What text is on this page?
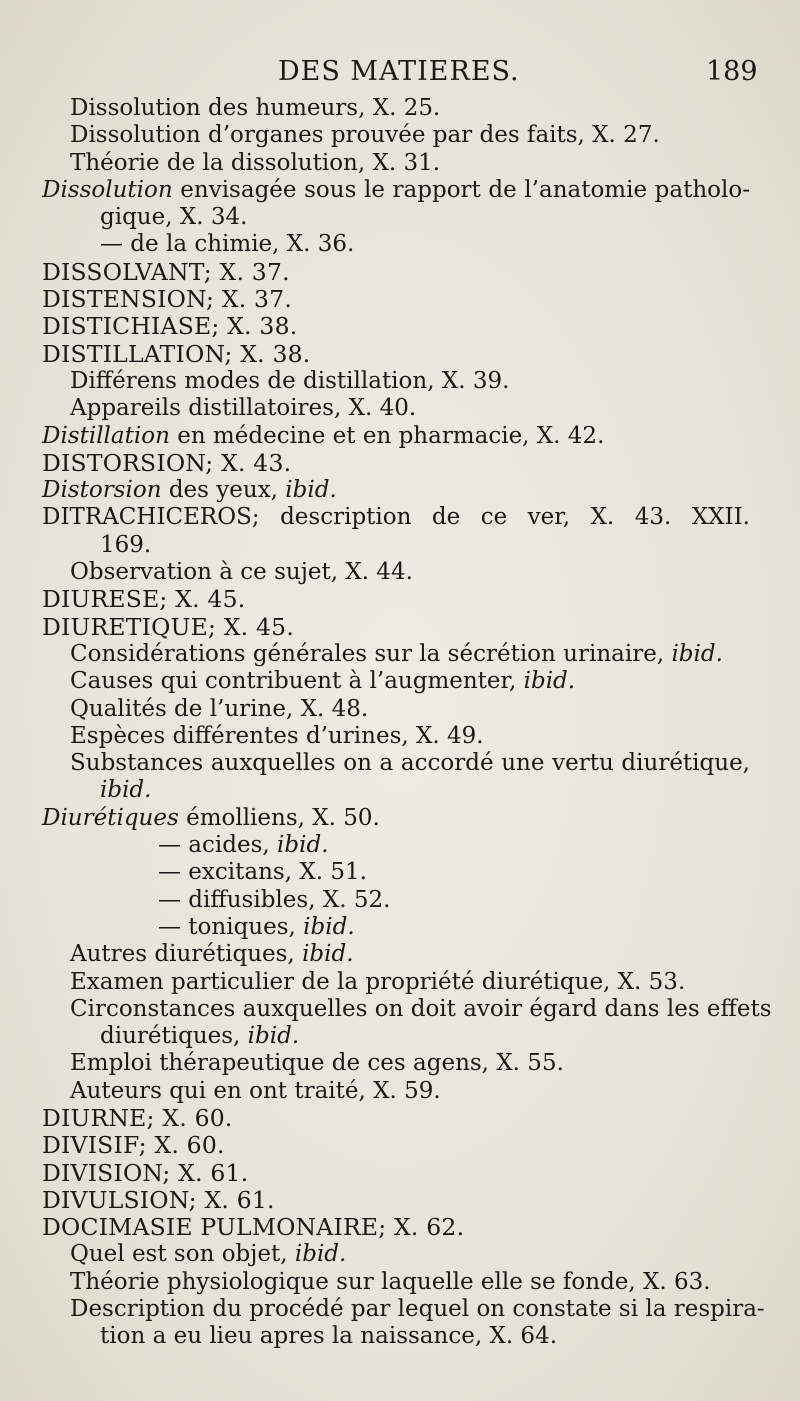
DES MATIERES.	189
Dissolution des humeurs, X. 25.
Dissolution d’organes prouvée par des faits, X. 27.
Théorie de la dissolution, X. 31.
Dissolution envisagée sous le rapport de l’anatomie patholo-
gique, X. 34.
— de la chimie, X. 36.
DISSOLVANT; X. 37.
DISTENSION; X. 37.
DISTICHIASE; X. 38.
DISTILLATION; X. 38.
Différens modes de distillation, X. 39.
Appareils distillatoires, X. 40.
Distillation en médecine et en pharmacie, X. 42.
DISTORSION; X. 43.
Distorsion des yeux, ibid.
DITRACHICEROS; description de ce ver, X. 43. XXII.
169.
Observation à ce sujet, X. 44.
DIURESE; X. 45.
DIURETIQUE; X. 45.
Considérations générales sur la sécrétion urinaire, ibid.
Causes qui contribuent à l’augmenter, ibid.
Qualités de l’urine, X. 48.
Espèces différentes d’urines, X. 49.
Substances auxquelles on a accordé une vertu diurétique,
ibid.
Diurétiques émolliens, X. 50.
— acides, ibid.
— excitans, X. 51.
— diffusibles, X. 52.
— toniques, ibid.
Autres diurétiques, ibid.
Examen particulier de la propriété diurétique, X. 53.
Circonstances auxquelles on doit avoir égard dans les effets
diurétiques, ibid.
Emploi thérapeutique de ces agens, X. 55.
Auteurs qui en ont traité, X. 59.
DIURNE; X. 60.
DIVISIF; X. 60.
DIVISION; X. 61.
DIVULSION; X. 61.
DOCIMASIE PULMONAIRE; X. 62.
Quel est son objet, ibid.
Théorie physiologique sur laquelle elle se fonde, X. 63.
Description du procédé par lequel on constate si la respira-
tion a eu lieu apres la naissance, X. 64.
